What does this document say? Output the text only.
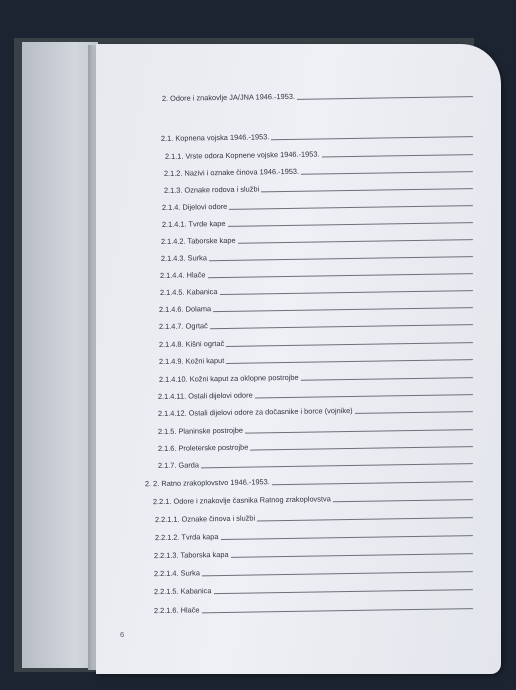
2. Odore i znakovlje JA/JNA 1946.-1953.
2.1. Kopnena vojska 1946.-1953.
2.1.1. Vrste odora Kopnene vojske 1946.-1953.
2.1.2. Nazivi i oznake činova 1946.-1953.
2.1.3. Oznake rodova i službi
2.1.4. Dijelovi odore
2.1.4.1. Tvrde kape
2.1.4.2. Taborske kape
2.1.4.3. Surka
2.1.4.4. Hlače
2.1.4.5. Kabanica
2.1.4.6. Dolama
2.1.4.7. Ogrtač
2.1.4.8. Kišni ogrtač
2.1.4.9. Kožni kaput
2.1.4.10. Kožni kaput za oklopne postrojbe
2.1.4.11. Ostali dijelovi odore
2.1.4.12. Ostali dijelovi odore za dočasnike i borce (vojnike)
2.1.5. Planinske postrojbe
2.1.6. Proleterske postrojbe
2.1.7. Garda
2. 2. Ratno zrakoplovstvo 1946.-1953.
2.2.1. Odore i znakovlje časnika Ratnog zrakoplovstva
2.2.1.1. Oznake činova i službi
2.2.1.2. Tvrda kapa
2.2.1.3. Taborska kapa
2.2.1.4. Surka
2.2.1.5. Kabanica
2.2.1.6. Hlače
6
